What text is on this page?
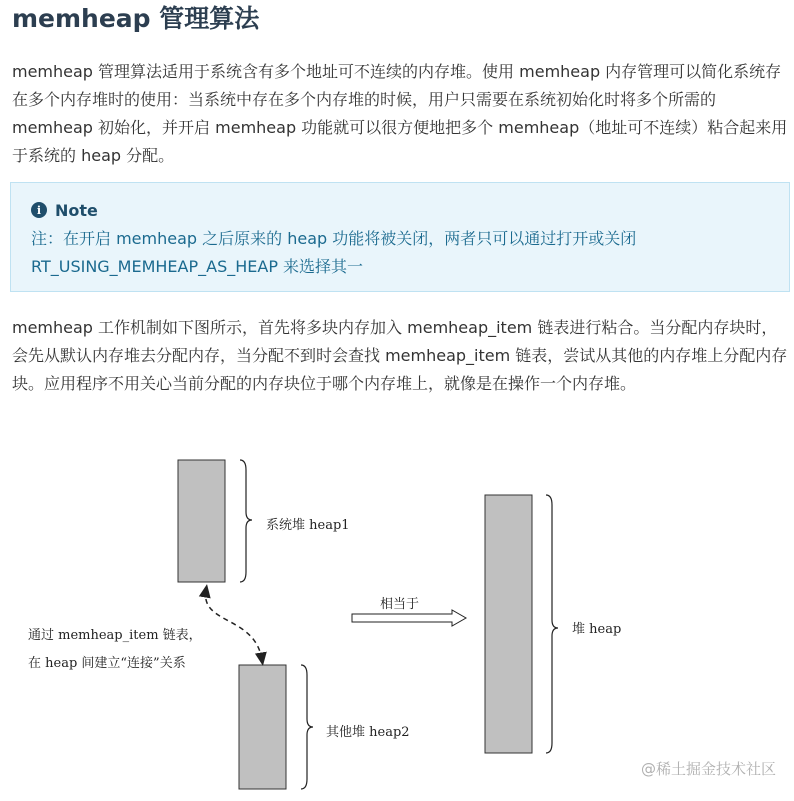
memheap 管理算法

memheap 管理算法适用于系统含有多个地址可不连续的内存堆。使用 memheap 内存管理可以简化系统存在多个内存堆时的使用：当系统中存在多个内存堆的时候，用户只需要在系统初始化时将多个所需的 memheap 初始化，并开启 memheap 功能就可以很方便地把多个 memheap（地址可不连续）粘合起来用于系统的 heap 分配。

i Note

注：在开启 memheap 之后原来的 heap 功能将被关闭，两者只可以通过打开或关闭 RT_USING_MEMHEAP_AS_HEAP 来选择其一

memheap 工作机制如下图所示，首先将多块内存加入 memheap_item 链表进行粘合。当分配内存块时，会先从默认内存堆去分配内存，当分配不到时会查找 memheap_item 链表，尝试从其他的内存堆上分配内存块。应用程序不用关心当前分配的内存块位于哪个内存堆上，就像是在操作一个内存堆。

系统堆 heap1
其他堆 heap2
通过 memheap_item 链表，
在 heap 间建立“连接”关系
相当于
堆 heap
@稀土掘金技术社区
